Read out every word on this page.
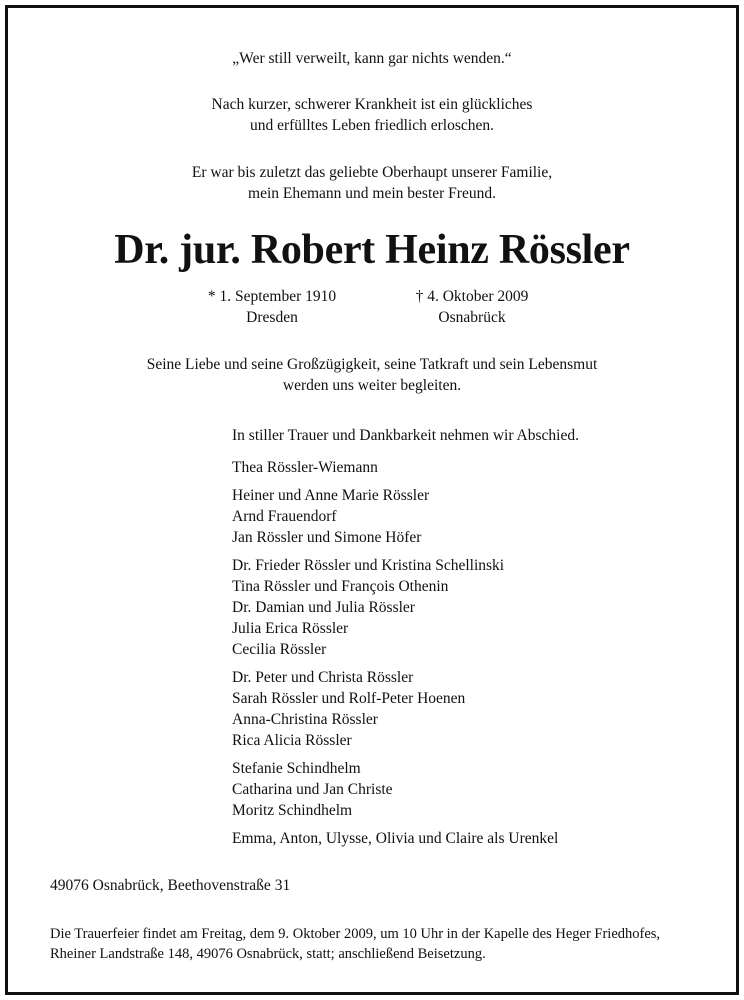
„Wer still verweilt, kann gar nichts wenden.“
Nach kurzer, schwerer Krankheit ist ein glückliches
und erfülltes Leben friedlich erloschen.
Er war bis zuletzt das geliebte Oberhaupt unserer Familie,
mein Ehemann und mein bester Freund.
Dr. jur. Robert Heinz Rössler
* 1. September 1910
Dresden
† 4. Oktober 2009
Osnabrück
Seine Liebe und seine Großzügigkeit, seine Tatkraft und sein Lebensmut
werden uns weiter begleiten.
In stiller Trauer und Dankbarkeit nehmen wir Abschied.
Thea Rössler-Wiemann
Heiner und Anne Marie Rössler
Arnd Frauendorf
Jan Rössler und Simone Höfer
Dr. Frieder Rössler und Kristina Schellinski
Tina Rössler und François Othenin
Dr. Damian und Julia Rössler
Julia Erica Rössler
Cecilia Rössler
Dr. Peter und Christa Rössler
Sarah Rössler und Rolf-Peter Hoenen
Anna-Christina Rössler
Rica Alicia Rössler
Stefanie Schindhelm
Catharina und Jan Christe
Moritz Schindhelm
Emma, Anton, Ulysse, Olivia und Claire als Urenkel
49076 Osnabrück, Beethovenstraße 31
Die Trauerfeier findet am Freitag, dem 9. Oktober 2009, um 10 Uhr in der Kapelle des Heger Friedhofes,
Rheiner Landstraße 148, 49076 Osnabrück, statt; anschließend Beisetzung.
